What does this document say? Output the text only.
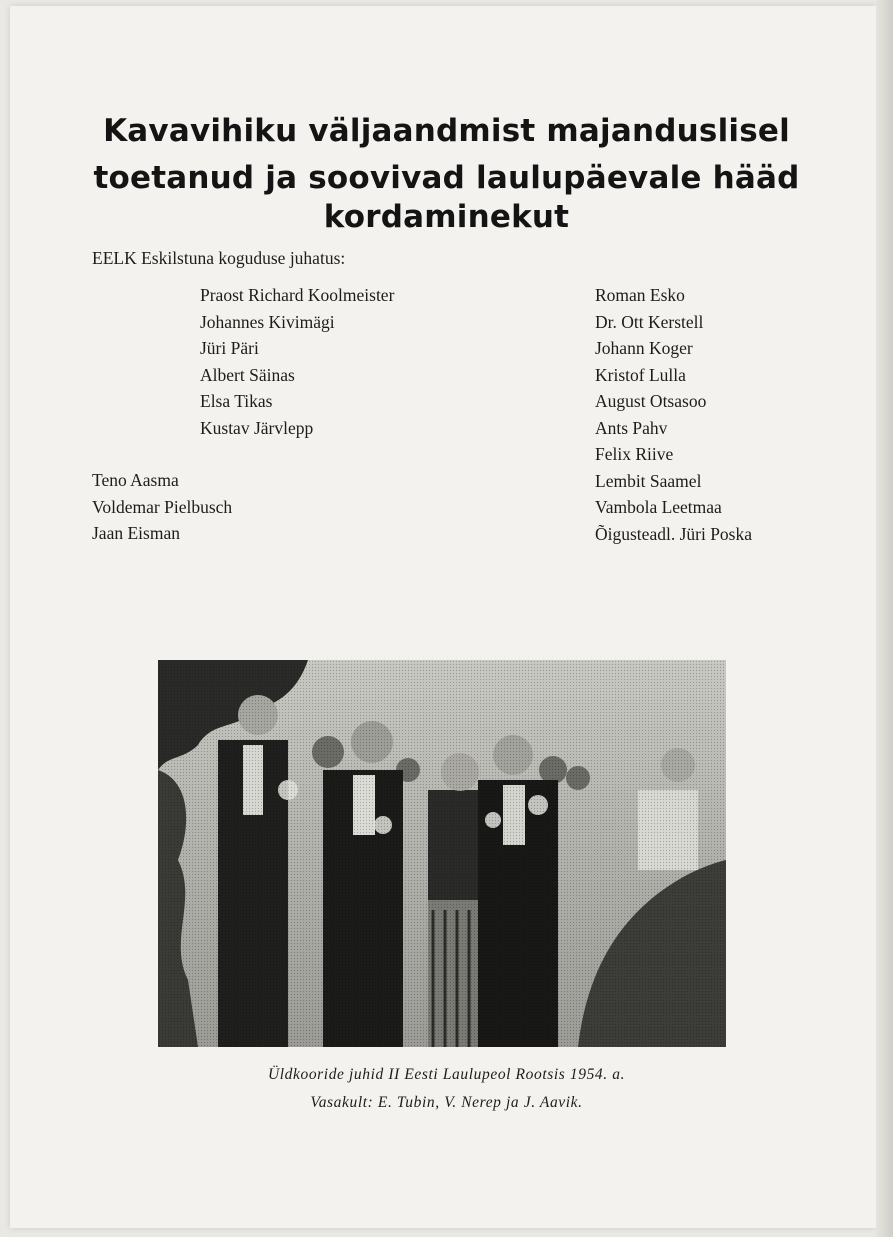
Kavavihiku väljaandmist majanduslisel
toetanud ja soovivad laulupäevale hääd
kordaminekut
EELK Eskilstuna koguduse juhatus:
Praost Richard Koolmeister
Johannes Kivimägi
Jüri Päri
Albert Säinas
Elsa Tikas
Kustav Järvlepp
Teno Aasma
Voldemar Pielbusch
Jaan Eisman
Roman Esko
Dr. Ott Kerstell
Johann Koger
Kristof Lulla
August Otsasoo
Ants Pahv
Felix Riive
Lembit Saamel
Vambola Leetmaa
Õigusteadl. Jüri Poska
Üldkooride juhid II Eesti Laulupeol Rootsis 1954. a.
Vasakult: E. Tubin, V. Nerep ja J. Aavik.
